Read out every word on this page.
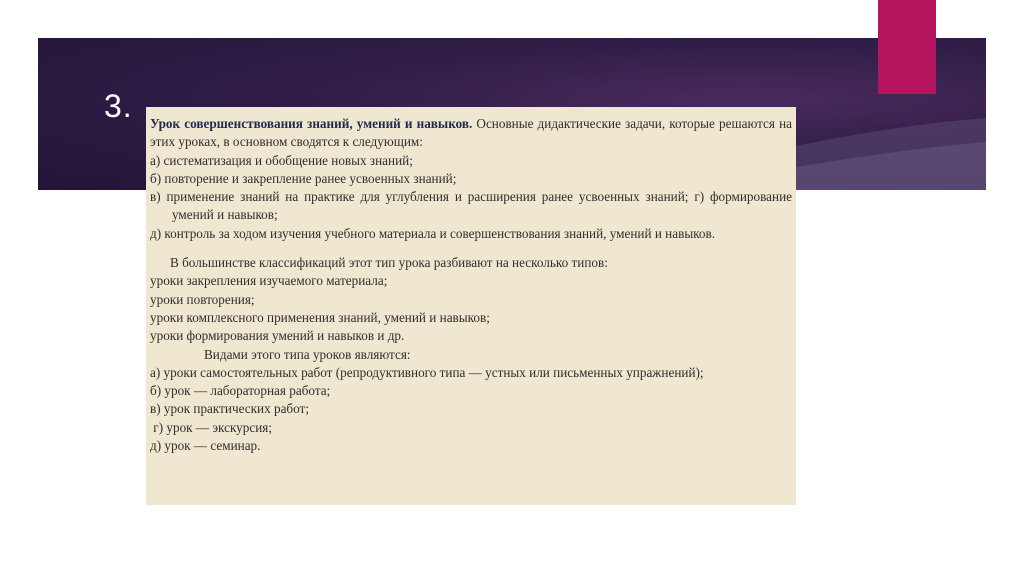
3. Урок совершенствования знаний, умений и навыков. Основные дидактические задачи, которые решаются на этих уроках, в основном сводятся к следующим:

а) систематизация и обобщение новых знаний;

б) повторение и закрепление ранее усвоенных знаний;

в) применение знаний на практике для углубления и расширения ранее усвоенных знаний; г) формирование умений и навыков;

д) контроль за ходом изучения учебного материала и совершенствования знаний, умений и навыков.

В большинстве классификаций этот тип урока разбивают на несколько типов:

уроки закрепления изучаемого материала;

уроки повторения;

уроки комплексного применения знаний, умений и навыков;

уроки формирования умений и навыков и др.

Видами этого типа уроков являются:

а) уроки самостоятельных работ (репродуктивного типа — устных или письменных упражнений);

б) урок — лабораторная работа;

в) урок практических работ;

г) урок — экскурсия;

д) урок — семинар.
